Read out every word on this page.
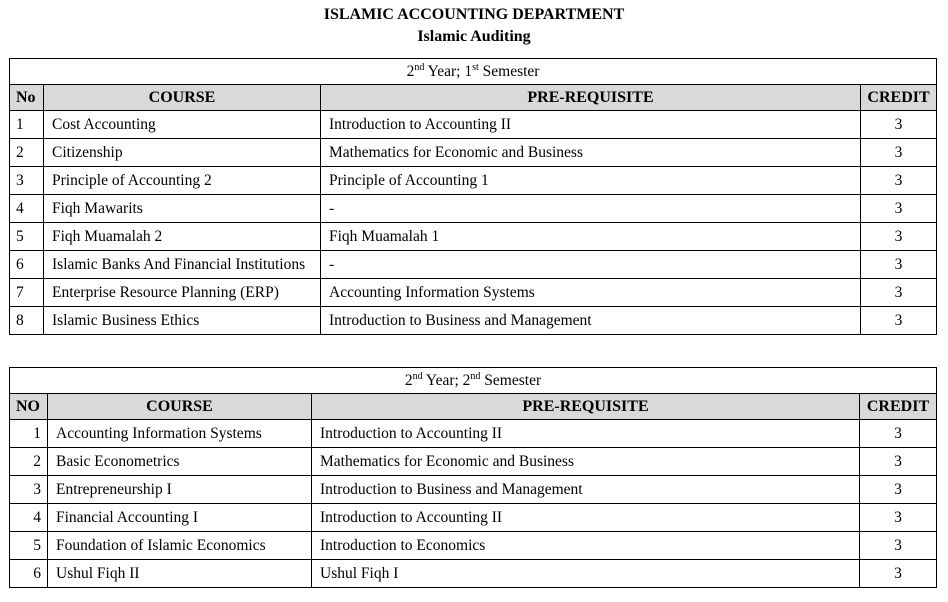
ISLAMIC ACCOUNTING DEPARTMENT
Islamic Auditing
2nd Year; 1st Semester			
No	COURSE	PRE-REQUISITE	CREDIT
1	Cost Accounting	Introduction to Accounting II	3
2	Citizenship	Mathematics for Economic and Business	3
3	Principle of Accounting 2	Principle of Accounting 1	3
4	Fiqh Mawarits	-	3
5	Fiqh Muamalah 2	Fiqh Muamalah 1	3
6	Islamic Banks And Financial Institutions	-	3
7	Enterprise Resource Planning (ERP)	Accounting Information Systems	3
8	Islamic Business Ethics	Introduction to Business and Management	3
2nd Year; 2nd Semester			
NO	COURSE	PRE-REQUISITE	CREDIT
1	Accounting Information Systems	Introduction to Accounting II	3
2	Basic Econometrics	Mathematics for Economic and Business	3
3	Entrepreneurship I	Introduction to Business and Management	3
4	Financial Accounting I	Introduction to Accounting II	3
5	Foundation of Islamic Economics	Introduction to Economics	3
6	Ushul Fiqh II	Ushul Fiqh I	3
